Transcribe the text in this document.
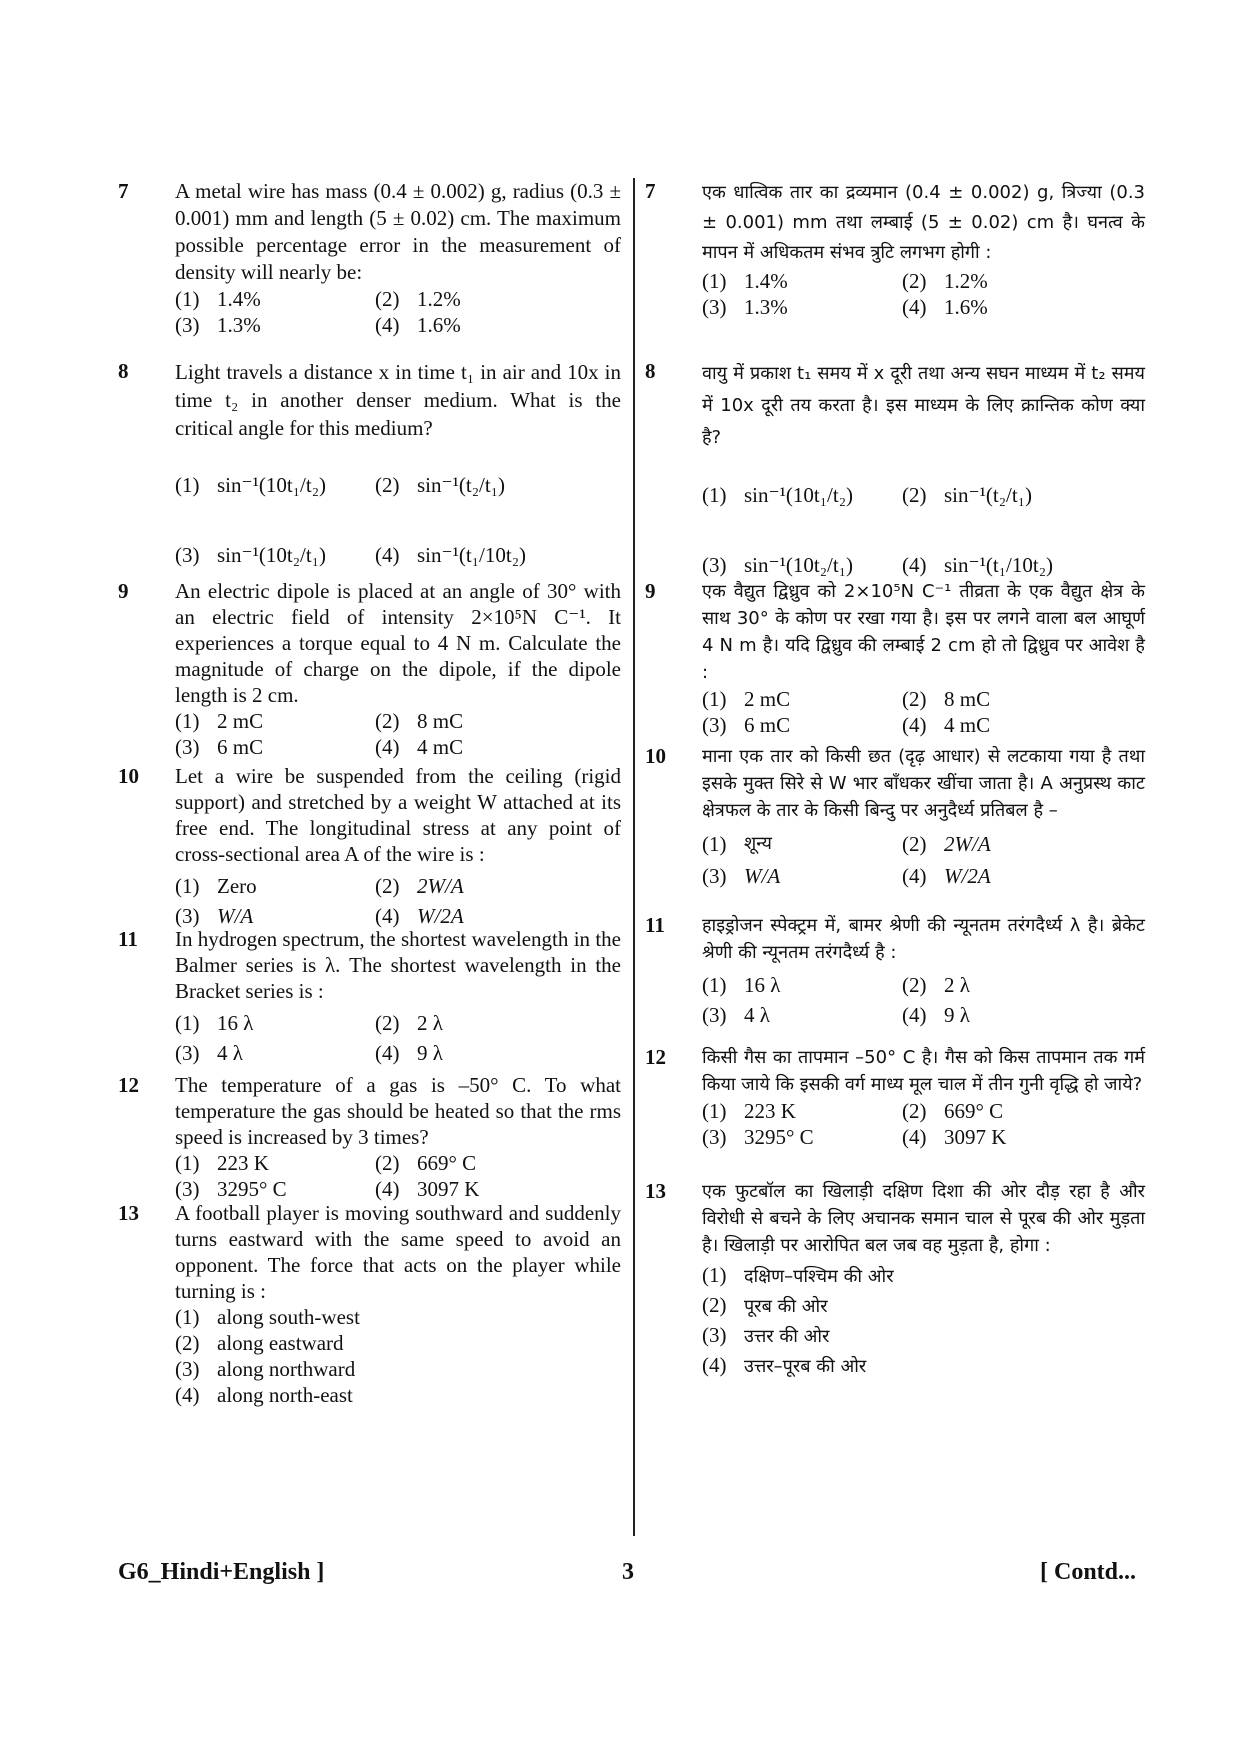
7 A metal wire has mass (0.4 ± 0.002) g, radius (0.3 ± 0.001) mm and length (5 ± 0.02) cm. The maximum possible percentage error in the measurement of density will nearly be:
(1) 1.4%	(2) 1.2%
(3) 1.3%	(4) 1.6%
8 Light travels a distance x in time t₁ in air and 10x in time t₂ in another denser medium. What is the critical angle for this medium?
(1) sin⁻¹(10t₁/t₂) (2) sin⁻¹(t₂/t₁)
(3) sin⁻¹(10t₂/t₁) (4) sin⁻¹(t₁/10t₂)
9 An electric dipole is placed at an angle of 30° with an electric field of intensity 2×10⁵N C⁻¹. It experiences a torque equal to 4 N m. Calculate the magnitude of charge on the dipole, if the dipole length is 2 cm.
(1) 2 mC	(2) 8 mC
(3) 6 mC	(4) 4 mC
10 Let a wire be suspended from the ceiling (rigid support) and stretched by a weight W attached at its free end. The longitudinal stress at any point of cross-sectional area A of the wire is :
(1) Zero	(2) 2W/A
(3) W/A	(4) W/2A
11 In hydrogen spectrum, the shortest wavelength in the Balmer series is λ. The shortest wavelength in the Bracket series is :
(1) 16 λ	(2) 2 λ
(3) 4 λ	(4) 9 λ
12 The temperature of a gas is –50° C. To what temperature the gas should be heated so that the rms speed is increased by 3 times?
(1) 223 K	(2) 669° C
(3) 3295° C	(4) 3097 K
13 A football player is moving southward and suddenly turns eastward with the same speed to avoid an opponent. The force that acts on the player while turning is :
(1) along south-west
(2) along eastward
(3) along northward
(4) along north-east
7	एक धात्विक तार का द्रव्यमान (0.4 ± 0.002) g, त्रिज्या (0.3 ± 0.001) mm तथा लम्बाई (5 ± 0.02) cm है। घनत्व के मापन में अधिकतम संभव त्रुटि लगभग होगी :
(1) 1.4%	(2) 1.2%
(3) 1.3%	(4) 1.6%
8	वायु में प्रकाश t₁ समय में x दूरी तथा अन्य सघन माध्यम में t₂ समय में 10x दूरी तय करता है। इस माध्यम के लिए क्रान्तिक कोण क्या है?
(1) sin⁻¹(10t₁/t₂) (2) sin⁻¹(t₂/t₁)
(3) sin⁻¹(10t₂/t₁) (4) sin⁻¹(t₁/10t₂)
9	एक वैद्युत द्विध्रुव को 2×10⁵N C⁻¹ तीव्रता के एक वैद्युत क्षेत्र के साथ 30° के कोण पर रखा गया है। इस पर लगने वाला बल आघूर्ण 4 N m है। यदि द्विध्रुव की लम्बाई 2 cm हो तो द्विध्रुव पर आवेश है :
(1) 2 mC	(2) 8 mC
(3) 6 mC	(4) 4 mC
10 माना एक तार को किसी छत (दृढ़ आधार) से लटकाया गया है तथा इसके मुक्त सिरे से W भार बाँधकर खींचा जाता है। A अनुप्रस्थ काट क्षेत्रफल के तार के किसी बिन्दु पर अनुदैर्ध्य प्रतिबल है –
(1) शून्य	(2) 2W/A
(3) W/A	(4) W/2A
11 हाइड्रोजन स्पेक्ट्रम में, बामर श्रेणी की न्यूनतम तरंगदैर्ध्य λ है। ब्रेकेट श्रेणी की न्यूनतम तरंगदैर्ध्य है :
(1) 16 λ	(2) 2 λ
(3) 4 λ	(4) 9 λ
12 किसी गैस का तापमान –50° C है। गैस को किस तापमान तक गर्म किया जाये कि इसकी वर्ग माध्य मूल चाल में तीन गुनी वृद्धि हो जाये?
(1) 223 K	(2) 669° C
(3) 3295° C	(4) 3097 K
13 एक फुटबॉल का खिलाड़ी दक्षिण दिशा की ओर दौड़ रहा है और विरोधी से बचने के लिए अचानक समान चाल से पूरब की ओर मुड़ता है। खिलाड़ी पर आरोपित बल जब वह मुड़ता है, होगा :
(1) दक्षिण–पश्चिम की ओर
(2) पूरब की ओर
(3) उत्तर की ओर
(4) उत्तर–पूरब की ओर
G6_Hindi+English ]	3	[ Contd...
